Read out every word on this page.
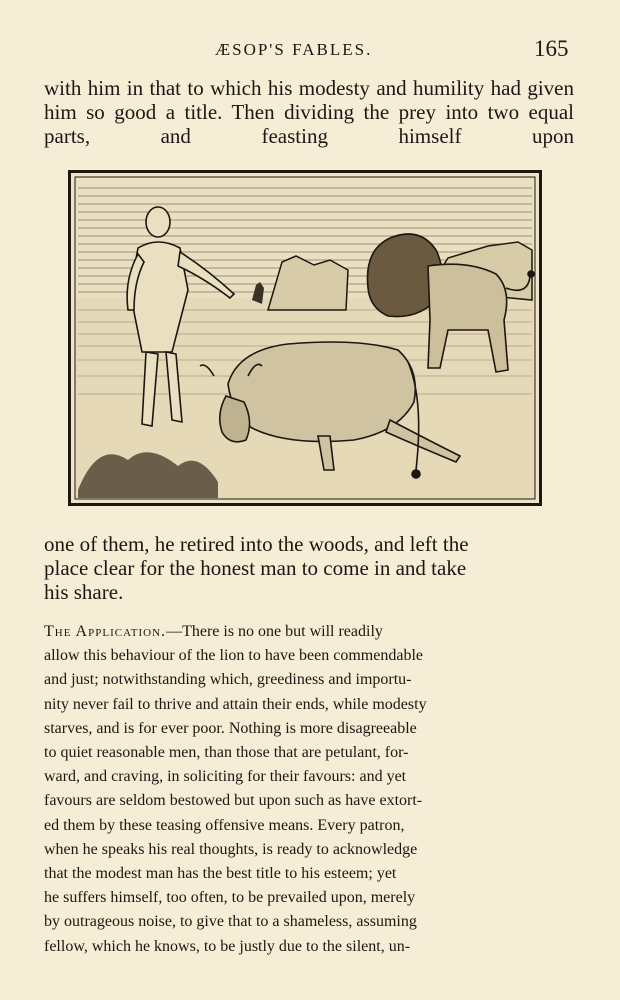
ÆSOP'S FABLES.	165

with him in that to which his modesty and humility had given him so good a title. Then dividing the prey into two equal parts, and feasting himself upon

one of them, he retired into the woods, and left the
place clear for the honest man to come in and take
his share.

The Application.—There is no one but will readily
allow this behaviour of the lion to have been commendable
and just; notwithstanding which, greediness and importu-
nity never fail to thrive and attain their ends, while modesty
starves, and is for ever poor. Nothing is more disagreeable
to quiet reasonable men, than those that are petulant, for-
ward, and craving, in soliciting for their favours: and yet
favours are seldom bestowed but upon such as have extort-
ed them by these teasing offensive means. Every patron,
when he speaks his real thoughts, is ready to acknowledge
that the modest man has the best title to his esteem; yet
he suffers himself, too often, to be prevailed upon, merely
by outrageous noise, to give that to a shameless, assuming
fellow, which he knows, to be justly due to the silent, un-
